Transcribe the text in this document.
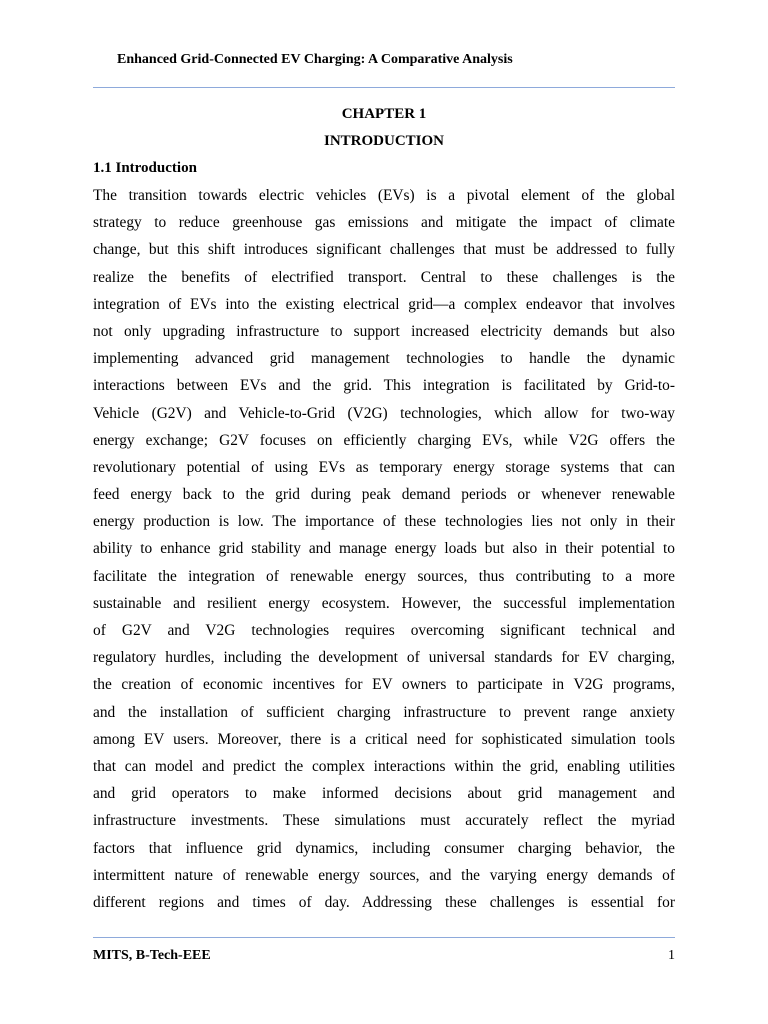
Enhanced Grid-Connected EV Charging: A Comparative Analysis
CHAPTER 1
INTRODUCTION
1.1 Introduction
The transition towards electric vehicles (EVs) is a pivotal element of the global
strategy to reduce greenhouse gas emissions and mitigate the impact of climate
change, but this shift introduces significant challenges that must be addressed to fully
realize the benefits of electrified transport. Central to these challenges is the
integration of EVs into the existing electrical grid—a complex endeavor that involves
not only upgrading infrastructure to support increased electricity demands but also
implementing advanced grid management technologies to handle the dynamic
interactions between EVs and the grid. This integration is facilitated by Grid-to-
Vehicle (G2V) and Vehicle-to-Grid (V2G) technologies, which allow for two-way
energy exchange; G2V focuses on efficiently charging EVs, while V2G offers the
revolutionary potential of using EVs as temporary energy storage systems that can
feed energy back to the grid during peak demand periods or whenever renewable
energy production is low. The importance of these technologies lies not only in their
ability to enhance grid stability and manage energy loads but also in their potential to
facilitate the integration of renewable energy sources, thus contributing to a more
sustainable and resilient energy ecosystem. However, the successful implementation
of G2V and V2G technologies requires overcoming significant technical and
regulatory hurdles, including the development of universal standards for EV charging,
the creation of economic incentives for EV owners to participate in V2G programs,
and the installation of sufficient charging infrastructure to prevent range anxiety
among EV users. Moreover, there is a critical need for sophisticated simulation tools
that can model and predict the complex interactions within the grid, enabling utilities
and grid operators to make informed decisions about grid management and
infrastructure investments. These simulations must accurately reflect the myriad
factors that influence grid dynamics, including consumer charging behavior, the
intermittent nature of renewable energy sources, and the varying energy demands of
different regions and times of day. Addressing these challenges is essential for
MITS, B-Tech-EEE	1
